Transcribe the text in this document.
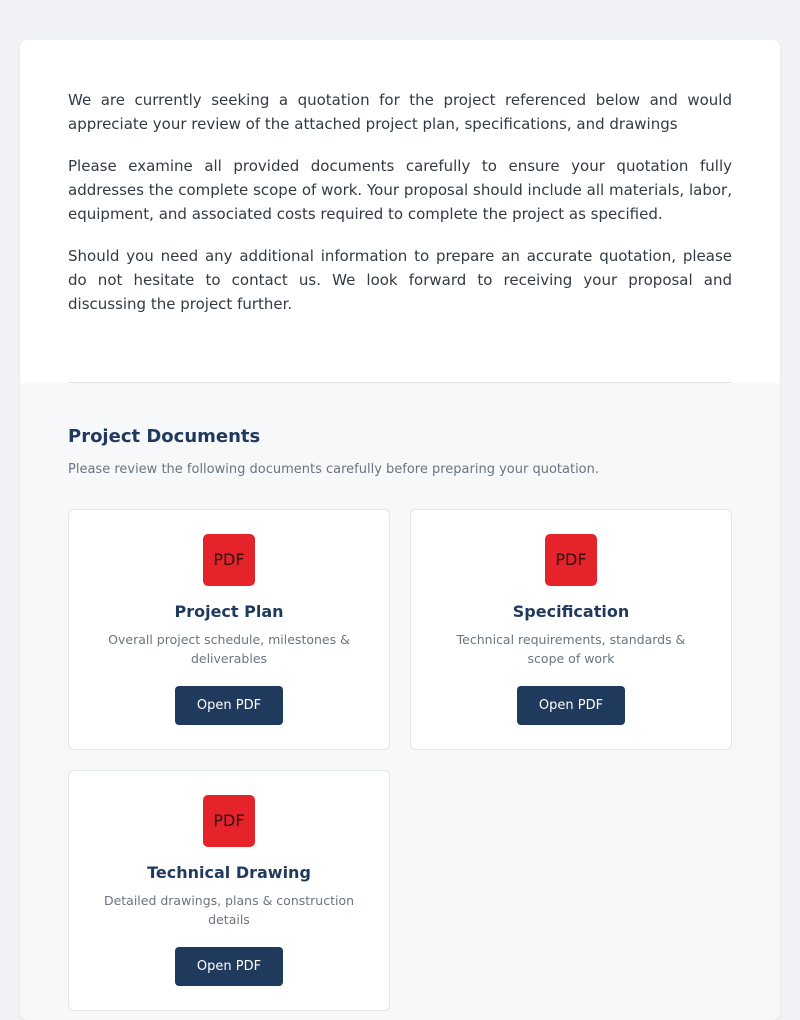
We are currently seeking a quotation for the project referenced below and would appreciate your review of the attached project plan, specifications, and drawings

Please examine all provided documents carefully to ensure your quotation fully addresses the complete scope of work. Your proposal should include all materials, labor, equipment, and associated costs required to complete the project as specified.

Should you need any additional information to prepare an accurate quotation, please do not hesitate to contact us. We look forward to receiving your proposal and discussing the project further.

Project Documents
Please review the following documents carefully before preparing your quotation.
PDF
Project Plan
Overall project schedule, milestones & deliverables
Open PDF
PDF
Specification
Technical requirements, standards & scope of work
Open PDF
PDF
Technical Drawing
Detailed drawings, plans & construction details
Open PDF
